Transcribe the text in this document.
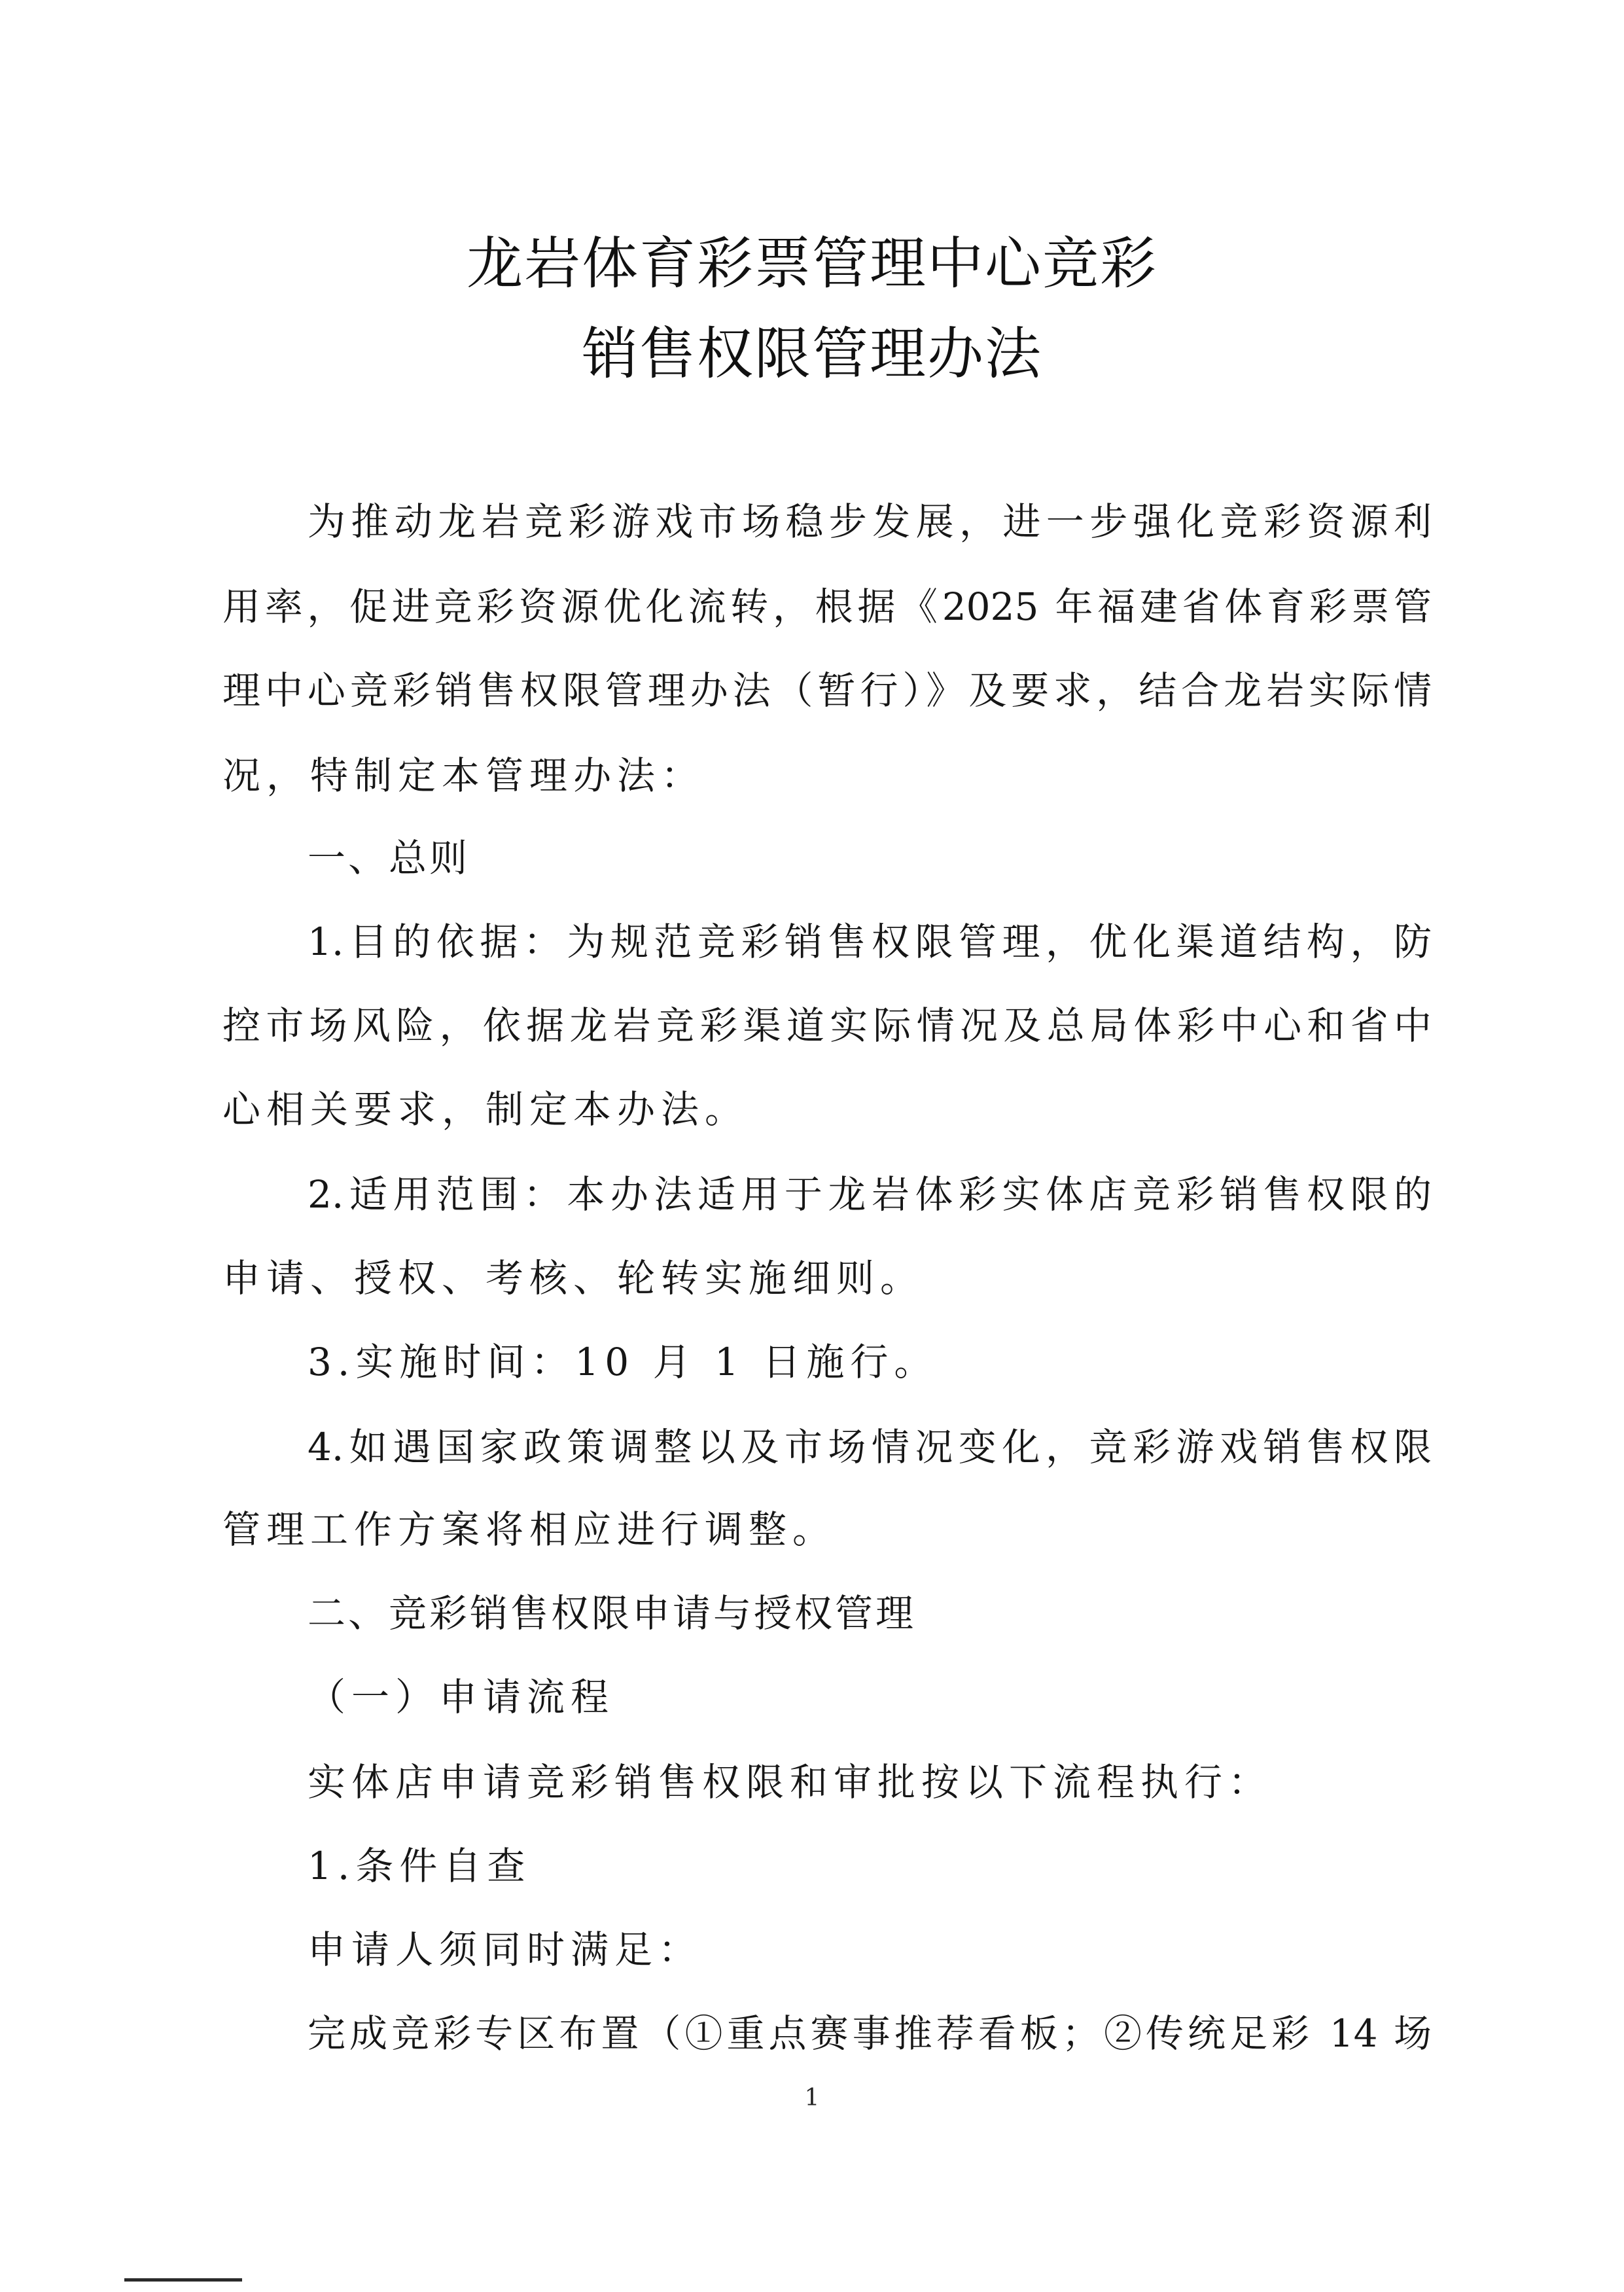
龙岩体育彩票管理中心竞彩
销售权限管理办法
为推动龙岩竞彩游戏市场稳步发展，进一步强化竞彩资源利
用率，促进竞彩资源优化流转，根据《2025 年福建省体育彩票管
理中心竞彩销售权限管理办法（暂行）》及要求，结合龙岩实际情
况，特制定本管理办法：
一、总则
1.目的依据：为规范竞彩销售权限管理，优化渠道结构，防
控市场风险，依据龙岩竞彩渠道实际情况及总局体彩中心和省中
心相关要求，制定本办法。
2.适用范围：本办法适用于龙岩体彩实体店竞彩销售权限的
申请、授权、考核、轮转实施细则。
3.实施时间：10 月 1 日施行。
4.如遇国家政策调整以及市场情况变化，竞彩游戏销售权限
管理工作方案将相应进行调整。
二、竞彩销售权限申请与授权管理
（一）申请流程
实体店申请竞彩销售权限和审批按以下流程执行：
1.条件自查
申请人须同时满足：
完成竞彩专区布置（①重点赛事推荐看板；②传统足彩 14 场
1
